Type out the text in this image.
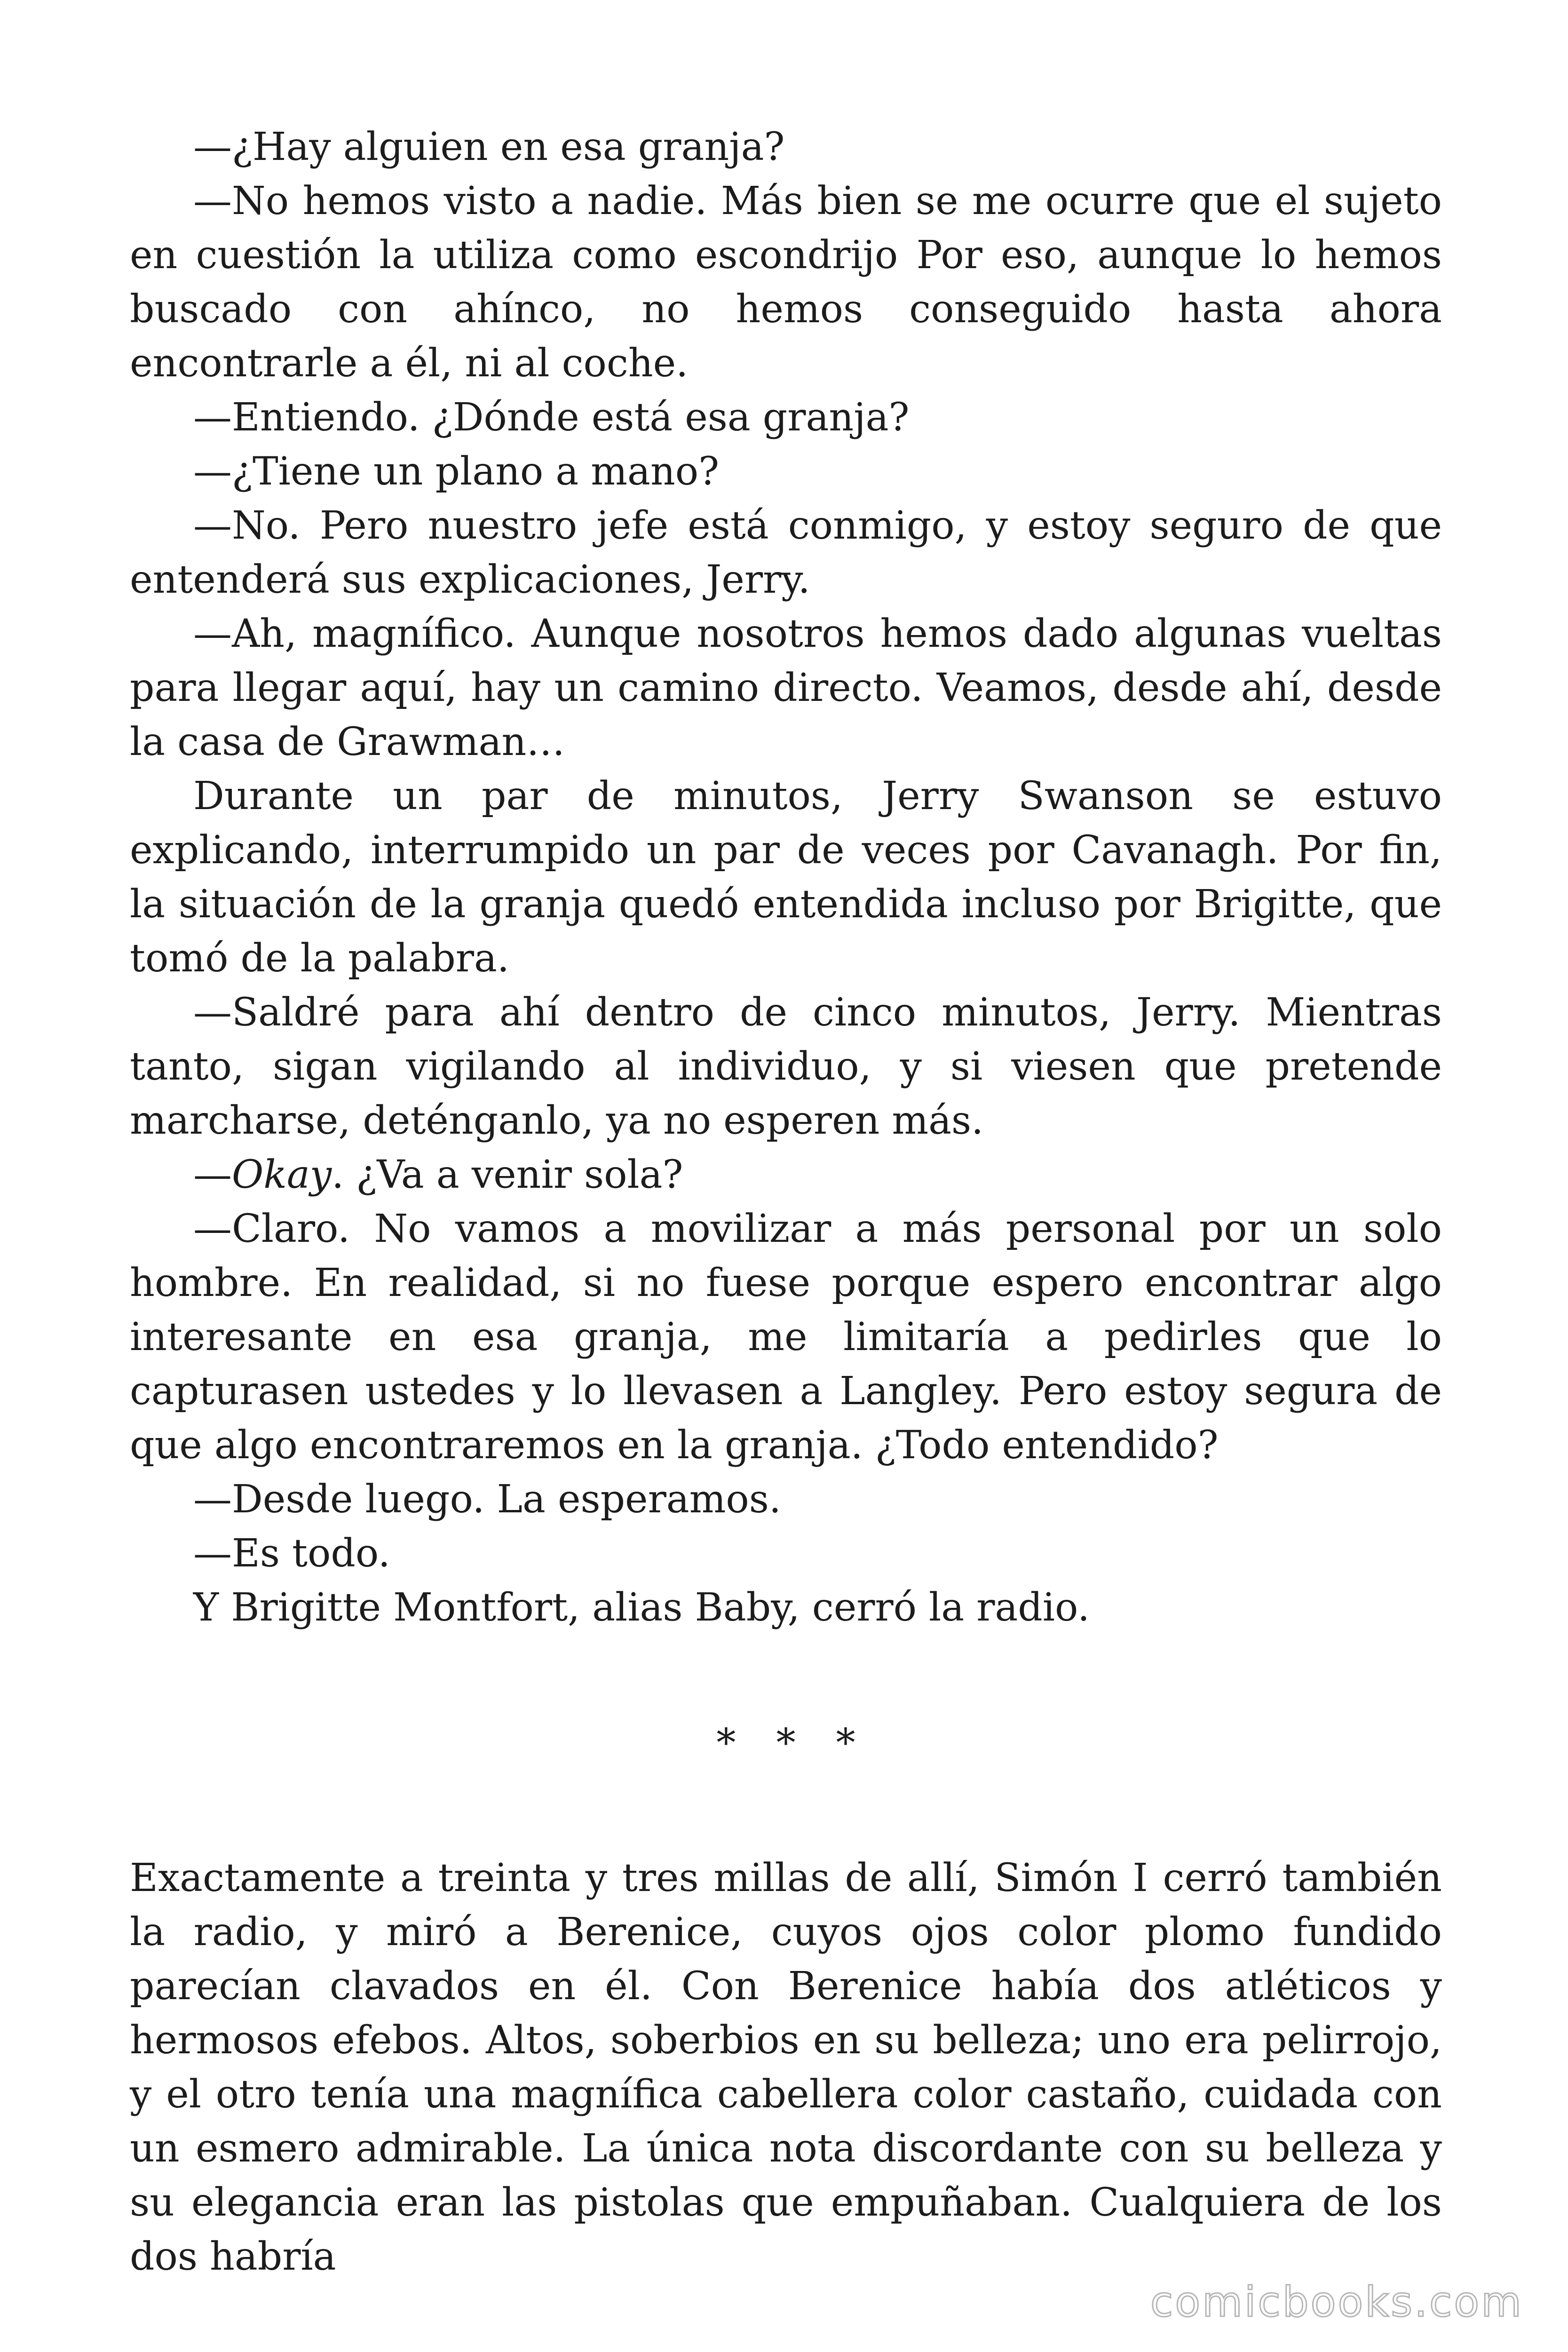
—¿Hay alguien en esa granja?

—No hemos visto a nadie. Más bien se me ocurre que el sujeto en cuestión la utiliza como escondrijo Por eso, aunque lo hemos buscado con ahínco, no hemos conseguido hasta ahora encontrarle a él, ni al coche.

—Entiendo. ¿Dónde está esa granja?

—¿Tiene un plano a mano?

—No. Pero nuestro jefe está conmigo, y estoy seguro de que entenderá sus explicaciones, Jerry.

—Ah, magnífico. Aunque nosotros hemos dado algunas vueltas para llegar aquí, hay un camino directo. Veamos, desde ahí, desde la casa de Grawman…

Durante un par de minutos, Jerry Swanson se estuvo explicando, interrumpido un par de veces por Cavanagh. Por fin, la situación de la granja quedó entendida incluso por Brigitte, que tomó de la palabra.

—Saldré para ahí dentro de cinco minutos, Jerry. Mientras tanto, sigan vigilando al individuo, y si viesen que pretende marcharse, deténganlo, ya no esperen más.

—Okay. ¿Va a venir sola?

—Claro. No vamos a movilizar a más personal por un solo hombre. En realidad, si no fuese porque espero encontrar algo interesante en esa granja, me limitaría a pedirles que lo capturasen ustedes y lo llevasen a Langley. Pero estoy segura de que algo encontraremos en la granja. ¿Todo entendido?

—Desde luego. La esperamos.

—Es todo.

Y Brigitte Montfort, alias Baby, cerró la radio.

* * *

Exactamente a treinta y tres millas de allí, Simón I cerró también la radio, y miró a Berenice, cuyos ojos color plomo fundido parecían clavados en él. Con Berenice había dos atléticos y hermosos efebos. Altos, soberbios en su belleza; uno era pelirrojo, y el otro tenía una magnífica cabellera color castaño, cuidada con un esmero admirable. La única nota discordante con su belleza y su elegancia eran las pistolas que empuñaban. Cualquiera de los dos habría

comicbooks.com
